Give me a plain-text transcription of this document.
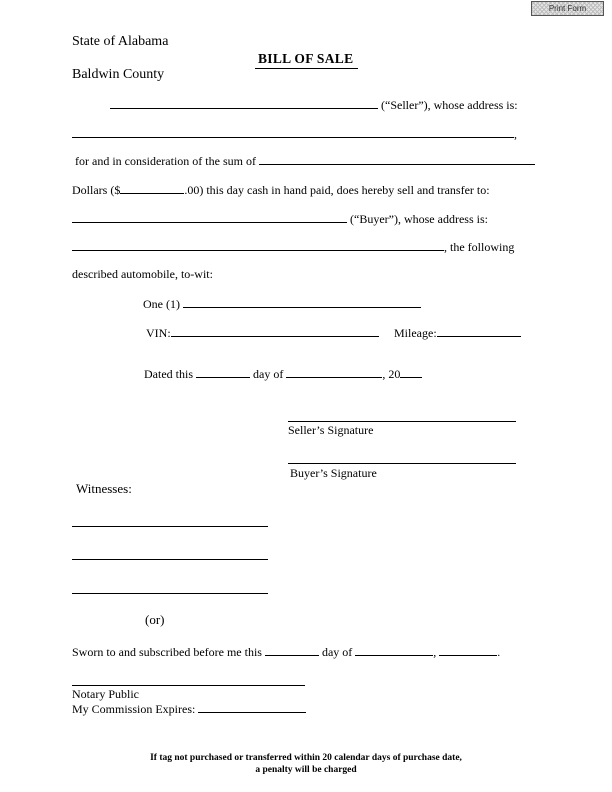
Print Form
State of Alabama
Baldwin County
BILL OF SALE
(“Seller”), whose address is:
,
for and in consideration of the sum of
Dollars ($	.00) this day cash in hand paid, does hereby sell and transfer to:
(“Buyer”), whose address is:
, the following
described automobile, to-wit:
One (1)
VIN:	Mileage:
Dated this	day of	, 20
Seller’s Signature
Buyer’s Signature
Witnesses:
(or)
Sworn to and subscribed before me this	day of	,	.
Notary Public
My Commission Expires:
If tag not purchased or transferred within 20 calendar days of purchase date,
a penalty will be charged
